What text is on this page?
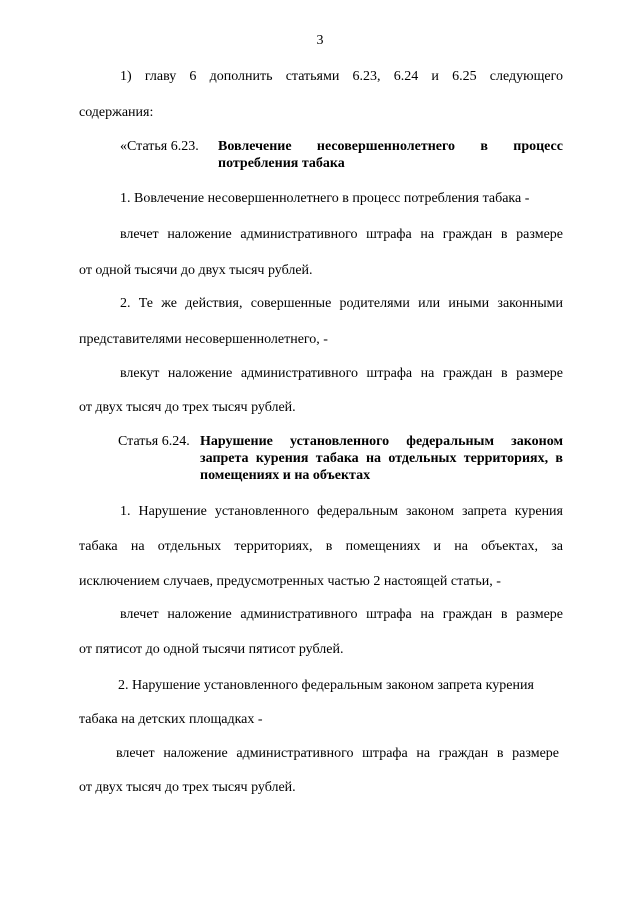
3
1) главу 6 дополнить статьями 6.23, 6.24 и 6.25 следующего
содержания:
«Статья 6.23.	Вовлечение несовершеннолетнего в процесс
потребления табака
1. Вовлечение несовершеннолетнего в процесс потребления табака -
влечет наложение административного штрафа на граждан в размере
от одной тысячи до двух тысяч рублей.
2. Те же действия, совершенные родителями или иными законными
представителями несовершеннолетнего, -
влекут наложение административного штрафа на граждан в размере
от двух тысяч до трех тысяч рублей.
Статья 6.24. Нарушение установленного федеральным законом
запрета курения табака на отдельных территориях, в
помещениях и на объектах
1. Нарушение установленного федеральным законом запрета курения
табака на отдельных территориях, в помещениях и на объектах, за
исключением случаев, предусмотренных частью 2 настоящей статьи, -
влечет наложение административного штрафа на граждан в размере
от пятисот до одной тысячи пятисот рублей.
2. Нарушение установленного федеральным законом запрета курения
табака на детских площадках -
влечет наложение административного штрафа на граждан в размере
от двух тысяч до трех тысяч рублей.
